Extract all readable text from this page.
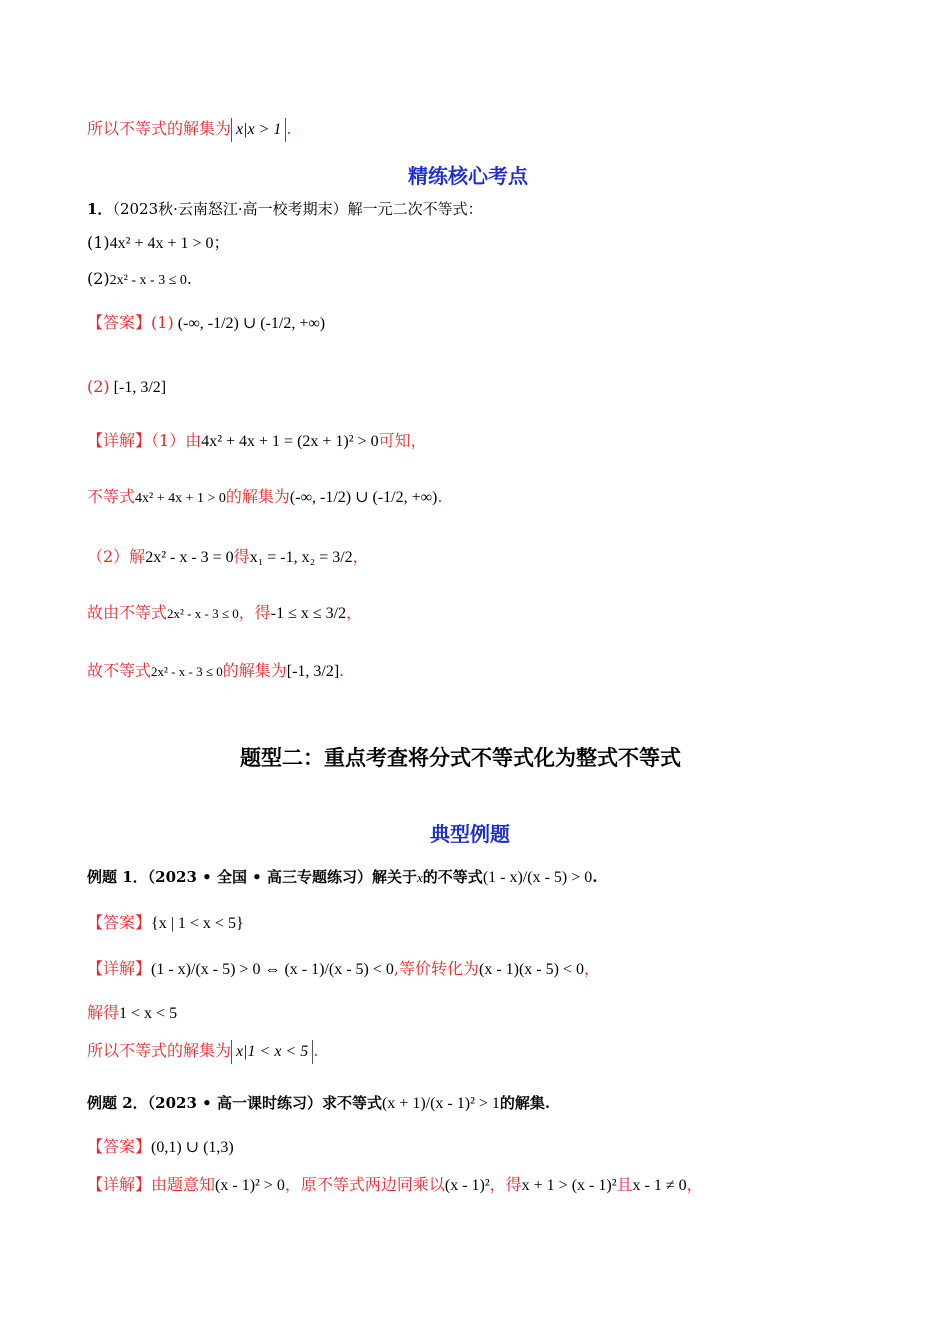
所以不等式的解集为 x|x > 1 .
精练核心考点
1．（2023秋·云南怒江·高一校考期末）解一元二次不等式：
(1)4x² + 4x + 1 > 0；
(2)2x² - x - 3 ≤ 0.
【答案】(1) (-∞, -1/2) ∪ (-1/2, +∞)
(2) [-1, 3/2]
【详解】（1）由4x² + 4x + 1 = (2x + 1)² > 0可知，
不等式4x² + 4x + 1 > 0的解集为(-∞, -1/2) ∪ (-1/2, +∞).
（2）解2x² - x - 3 = 0得x₁ = -1, x₂ = 3/2，
故由不等式2x² - x - 3 ≤ 0，得-1 ≤ x ≤ 3/2，
故不等式2x² - x - 3 ≤ 0的解集为[-1, 3/2].
题型二：重点考查将分式不等式化为整式不等式
典型例题
例题 1．（2023 • 全国 • 高三专题练习）解关于x的不等式(1 - x)/(x - 5) > 0.
【答案】{x | 1 < x < 5}
【详解】(1 - x)/(x - 5) > 0 ⇔ (x - 1)/(x - 5) < 0,等价转化为(x - 1)(x - 5) < 0，
解得1 < x < 5
所以不等式的解集为 x|1 < x < 5 .
例题 2．（2023 • 高一课时练习）求不等式(x + 1)/(x - 1)² > 1的解集.
【答案】(0,1) ∪ (1,3)
【详解】由题意知(x - 1)² > 0，原不等式两边同乘以(x - 1)²，得x + 1 > (x - 1)²且x - 1 ≠ 0，
